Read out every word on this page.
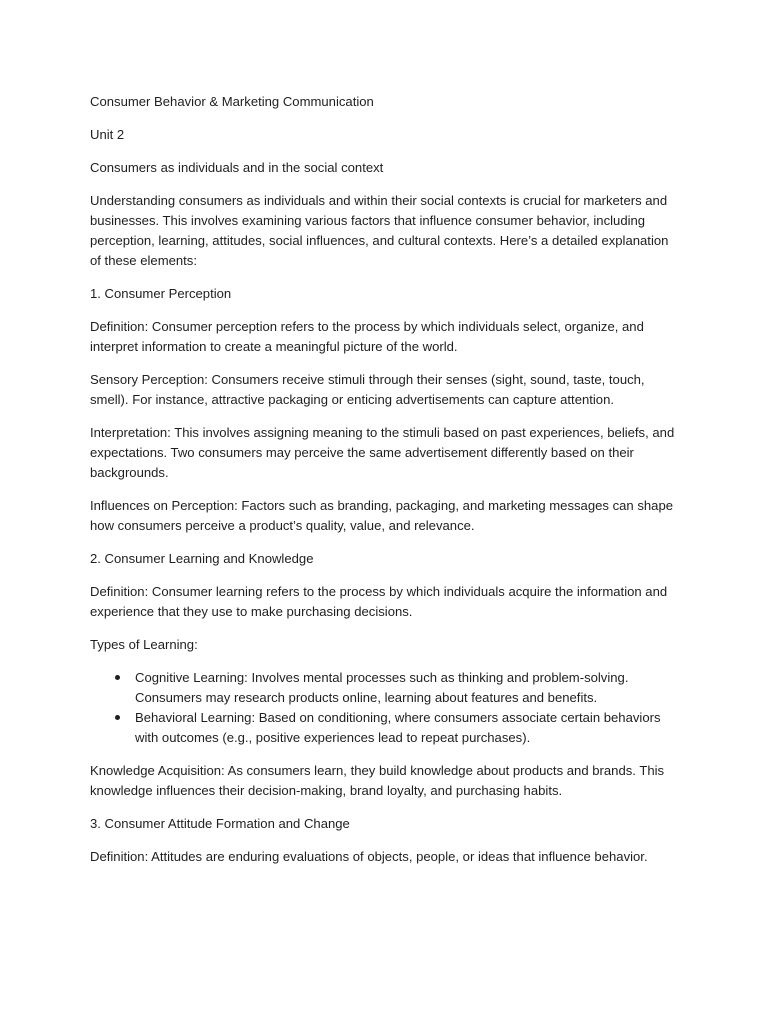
Consumer Behavior & Marketing Communication

Unit 2

Consumers as individuals and in the social context

Understanding consumers as individuals and within their social contexts is crucial for marketers and businesses. This involves examining various factors that influence consumer behavior, including perception, learning, attitudes, social influences, and cultural contexts. Here’s a detailed explanation of these elements:

1. Consumer Perception

Definition: Consumer perception refers to the process by which individuals select, organize, and interpret information to create a meaningful picture of the world.

Sensory Perception: Consumers receive stimuli through their senses (sight, sound, taste, touch, smell). For instance, attractive packaging or enticing advertisements can capture attention.

Interpretation: This involves assigning meaning to the stimuli based on past experiences, beliefs, and expectations. Two consumers may perceive the same advertisement differently based on their backgrounds.

Influences on Perception: Factors such as branding, packaging, and marketing messages can shape how consumers perceive a product’s quality, value, and relevance.

2. Consumer Learning and Knowledge

Definition: Consumer learning refers to the process by which individuals acquire the information and experience that they use to make purchasing decisions.

Types of Learning:

Cognitive Learning: Involves mental processes such as thinking and problem-solving. Consumers may research products online, learning about features and benefits.
Behavioral Learning: Based on conditioning, where consumers associate certain behaviors with outcomes (e.g., positive experiences lead to repeat purchases).

Knowledge Acquisition: As consumers learn, they build knowledge about products and brands. This knowledge influences their decision-making, brand loyalty, and purchasing habits.

3. Consumer Attitude Formation and Change

Definition: Attitudes are enduring evaluations of objects, people, or ideas that influence behavior.
